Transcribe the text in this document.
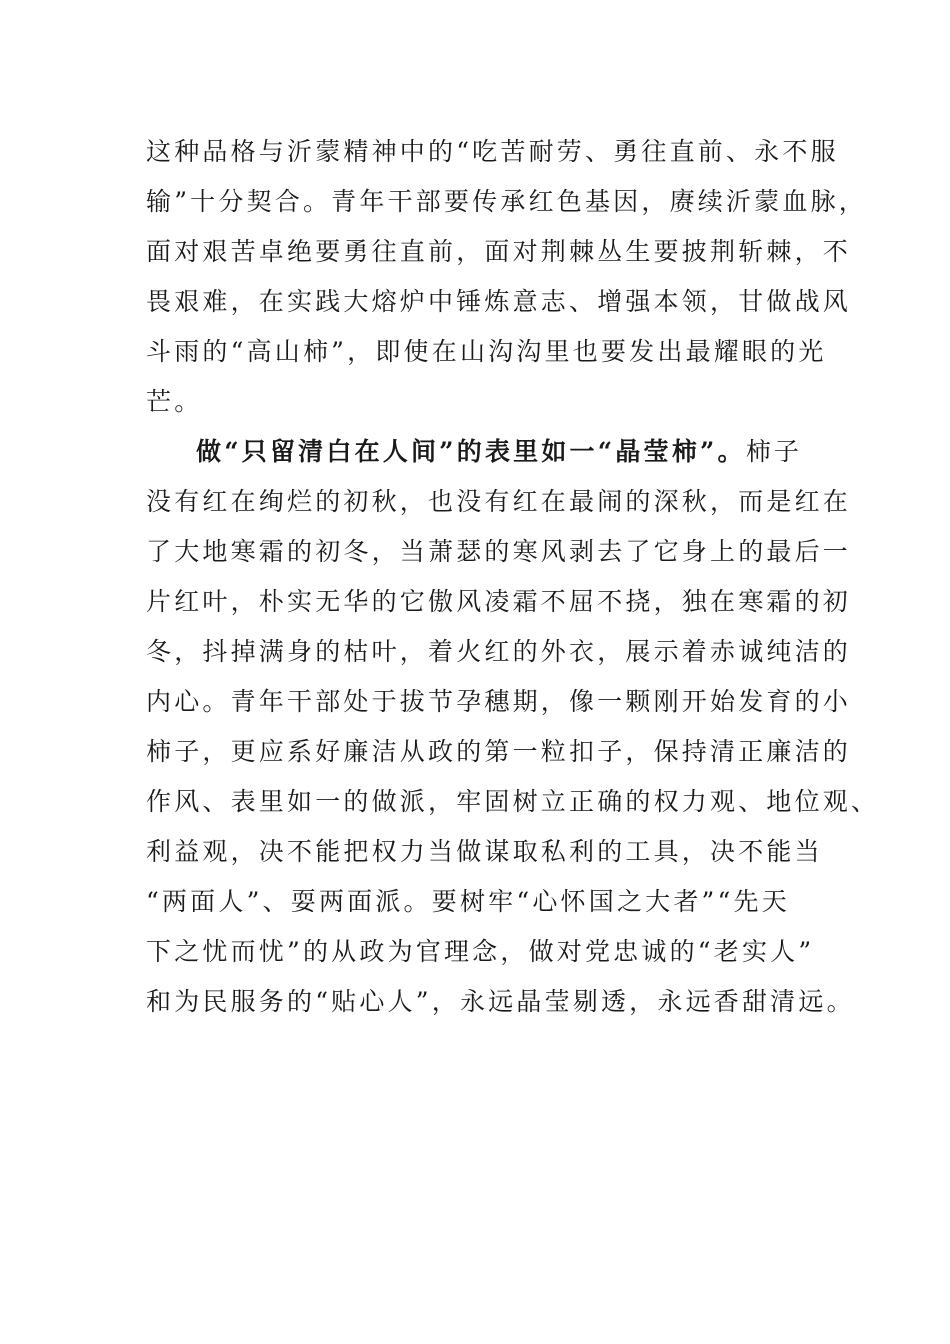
这种品格与沂蒙精神中的“吃苦耐劳、勇往直前、永不服
输”十分契合。青年干部要传承红色基因，赓续沂蒙血脉，
面对艰苦卓绝要勇往直前，面对荆棘丛生要披荆斩棘，不
畏艰难，在实践大熔炉中锤炼意志、增强本领，甘做战风
斗雨的“高山柿”，即使在山沟沟里也要发出最耀眼的光
芒。
做“只留清白在人间”的表里如一“晶莹柿”。柿子
没有红在绚烂的初秋，也没有红在最闹的深秋，而是红在
了大地寒霜的初冬，当萧瑟的寒风剥去了它身上的最后一
片红叶，朴实无华的它傲风凌霜不屈不挠，独在寒霜的初
冬，抖掉满身的枯叶，着火红的外衣，展示着赤诚纯洁的
内心。青年干部处于拔节孕穗期，像一颗刚开始发育的小
柿子，更应系好廉洁从政的第一粒扣子，保持清正廉洁的
作风、表里如一的做派，牢固树立正确的权力观、地位观、
利益观，决不能把权力当做谋取私利的工具，决不能当
“两面人”、耍两面派。要树牢“心怀国之大者”“先天
下之忧而忧”的从政为官理念，做对党忠诚的“老实人”
和为民服务的“贴心人”，永远晶莹剔透，永远香甜清远。
